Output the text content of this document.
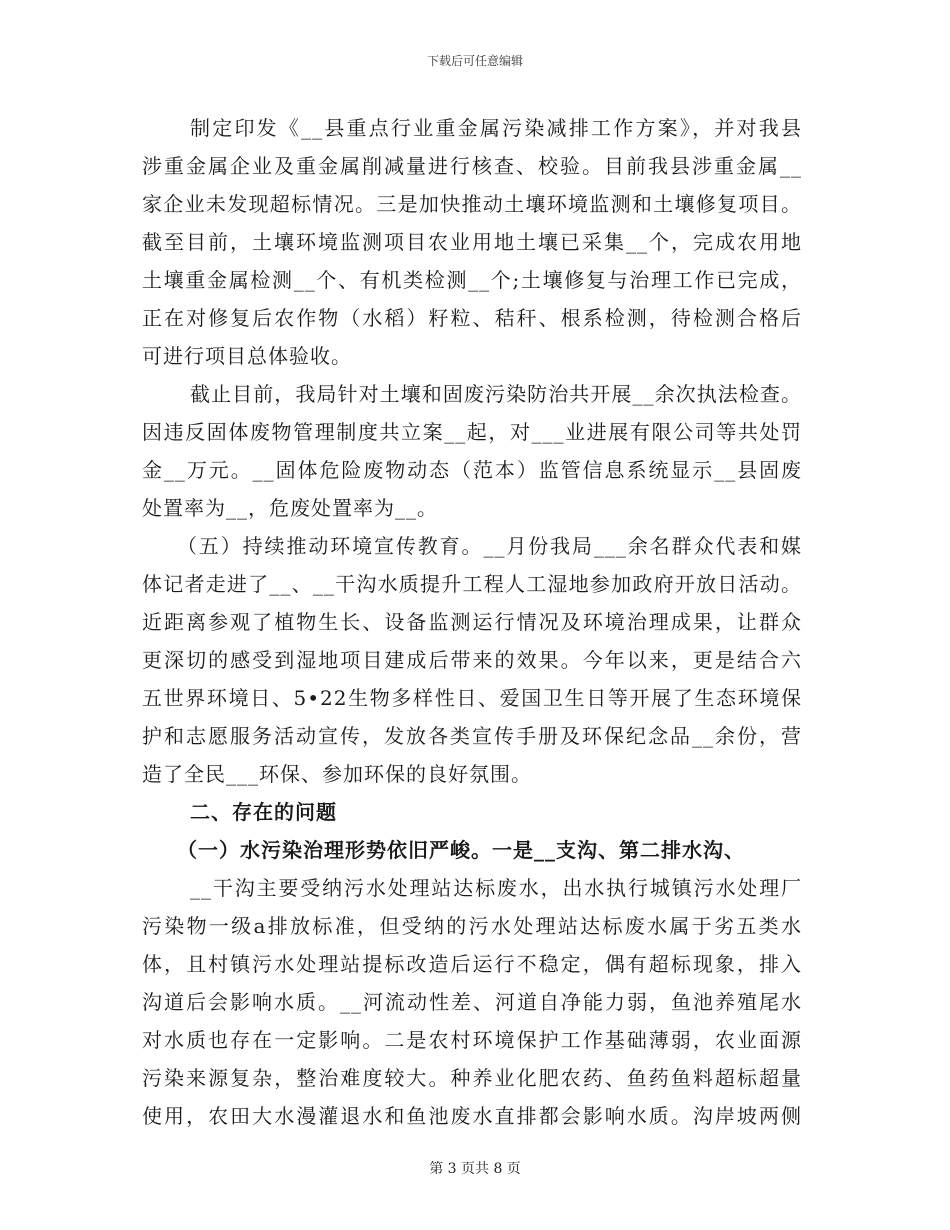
下载后可任意编辑
制定印发《__县重点行业重金属污染减排工作方案》，并对我县
涉重金属企业及重金属削减量进行核查、校验。目前我县涉重金属__
家企业未发现超标情况。三是加快推动土壤环境监测和土壤修复项目。
截至目前，土壤环境监测项目农业用地土壤已采集__个，完成农用地
土壤重金属检测__个、有机类检测__个;土壤修复与治理工作已完成，
正在对修复后农作物（水稻）籽粒、秸秆、根系检测，待检测合格后
可进行项目总体验收。
截止目前，我局针对土壤和固废污染防治共开展__余次执法检查。
因违反固体废物管理制度共立案__起，对___业进展有限公司等共处罚
金__万元。__固体危险废物动态（范本）监管信息系统显示__县固废
处置率为__，危废处置率为__。
（五）持续推动环境宣传教育。__月份我局___余名群众代表和媒
体记者走进了__、__干沟水质提升工程人工湿地参加政府开放日活动。
近距离参观了植物生长、设备监测运行情况及环境治理成果，让群众
更深切的感受到湿地项目建成后带来的效果。今年以来，更是结合六
五世界环境日、5•22生物多样性日、爱国卫生日等开展了生态环境保
护和志愿服务活动宣传，发放各类宣传手册及环保纪念品__余份，营
造了全民___环保、参加环保的良好氛围。
二、存在的问题
（一）水污染治理形势依旧严峻。一是__支沟、第二排水沟、
__干沟主要受纳污水处理站达标废水，出水执行城镇污水处理厂
污染物一级a排放标准，但受纳的污水处理站达标废水属于劣五类水
体，且村镇污水处理站提标改造后运行不稳定，偶有超标现象，排入
沟道后会影响水质。__河流动性差、河道自净能力弱，鱼池养殖尾水
对水质也存在一定影响。二是农村环境保护工作基础薄弱，农业面源
污染来源复杂，整治难度较大。种养业化肥农药、鱼药鱼料超标超量
使用，农田大水漫灌退水和鱼池废水直排都会影响水质。沟岸坡两侧
第 3 页共 8 页
